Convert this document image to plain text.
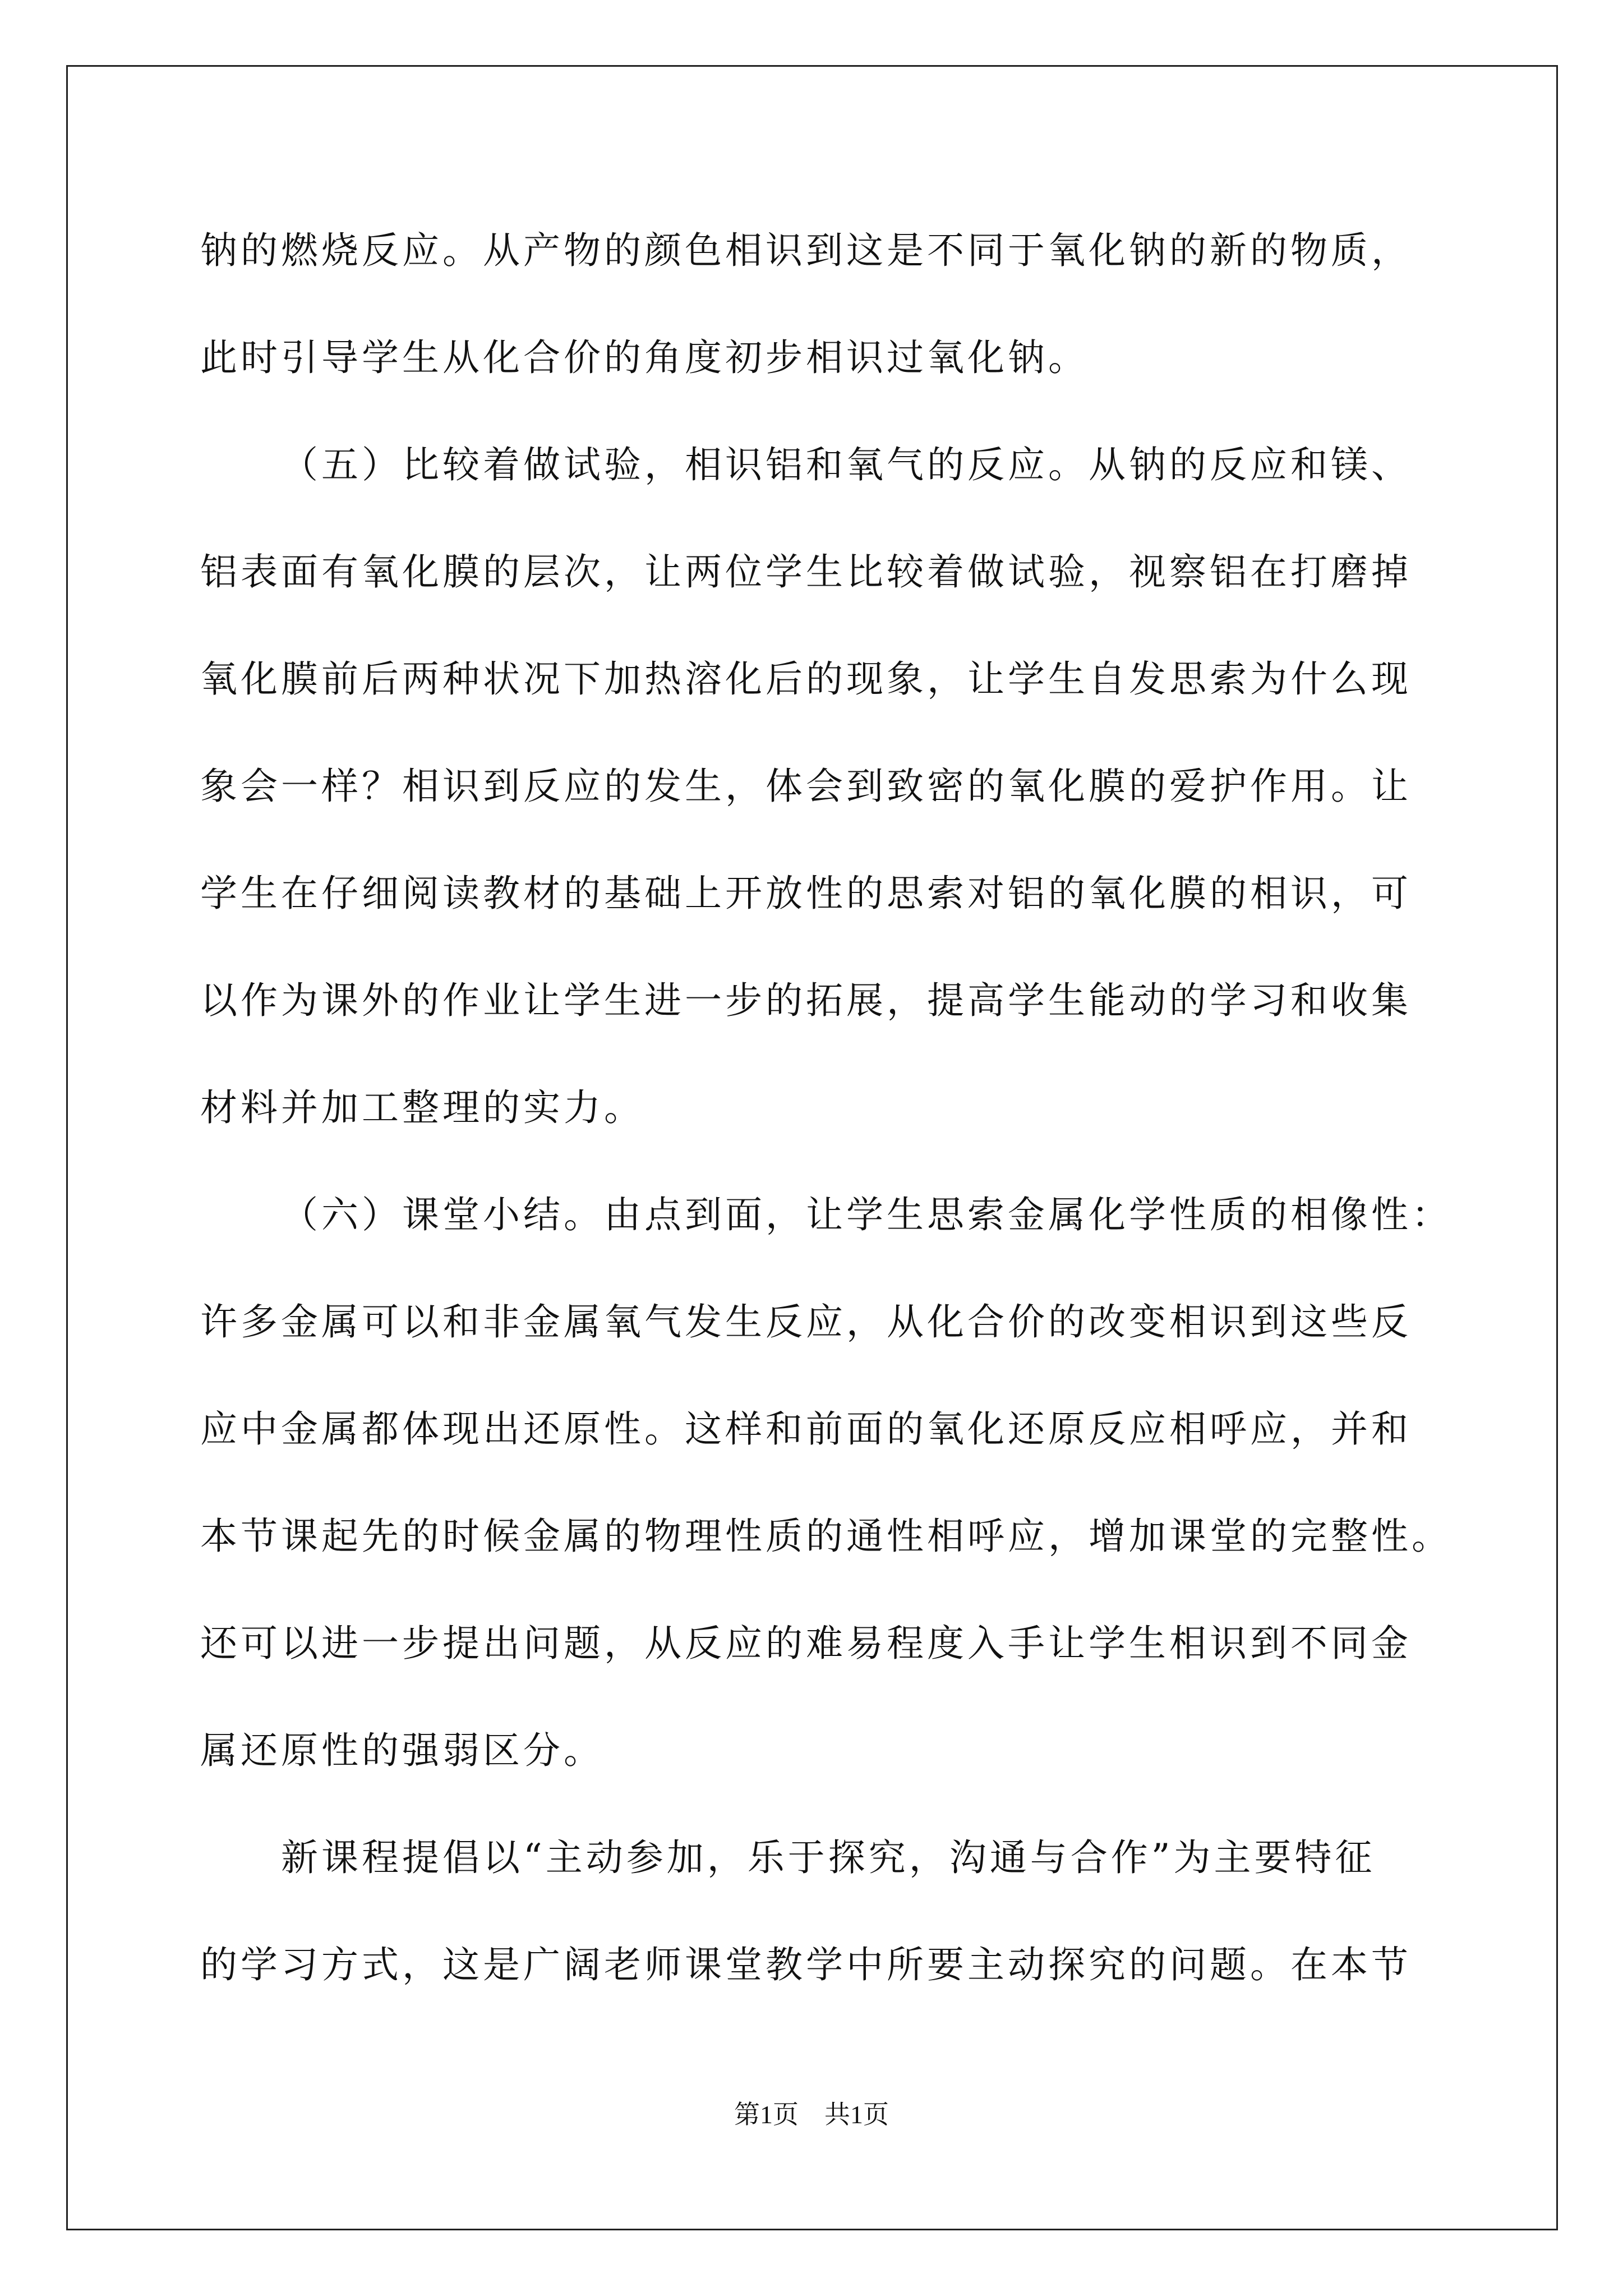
钠的燃烧反应。从产物的颜色相识到这是不同于氧化钠的新的物质，
此时引导学生从化合价的角度初步相识过氧化钠。
（五）比较着做试验，相识铝和氧气的反应。从钠的反应和镁、
铝表面有氧化膜的层次，让两位学生比较着做试验，视察铝在打磨掉
氧化膜前后两种状况下加热溶化后的现象，让学生自发思索为什么现
象会一样？相识到反应的发生，体会到致密的氧化膜的爱护作用。让
学生在仔细阅读教材的基础上开放性的思索对铝的氧化膜的相识，可
以作为课外的作业让学生进一步的拓展，提高学生能动的学习和收集
材料并加工整理的实力。
（六）课堂小结。由点到面，让学生思索金属化学性质的相像性：
许多金属可以和非金属氧气发生反应，从化合价的改变相识到这些反
应中金属都体现出还原性。这样和前面的氧化还原反应相呼应，并和
本节课起先的时候金属的物理性质的通性相呼应，增加课堂的完整性。
还可以进一步提出问题，从反应的难易程度入手让学生相识到不同金
属还原性的强弱区分。
新课程提倡以“主动参加，乐于探究，沟通与合作”为主要特征
的学习方式，这是广阔老师课堂教学中所要主动探究的问题。在本节
第1页　共1页
